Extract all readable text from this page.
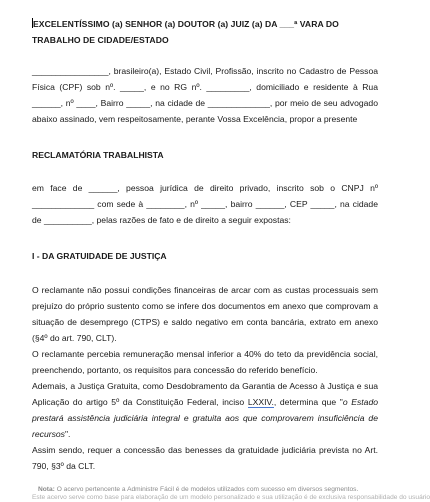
EXCELENTÍSSIMO (a) SENHOR (a) DOUTOR (a) JUIZ (a) DA ___ª VARA DO
TRABALHO DE CIDADE/ESTADO

________________, brasileiro(a), Estado Civil, Profissão, inscrito no Cadastro de Pessoa Física (CPF) sob nº. _____, e no RG nº. _________, domiciliado e residente à Rua ______, nº ____, Bairro _____, na cidade de _____________, por meio de seu advogado abaixo assinado, vem respeitosamente, perante Vossa Excelência, propor a presente

RECLAMATÓRIA TRABALHISTA

em face de ______, pessoa jurídica de direito privado, inscrito sob o CNPJ nº _____________ com sede à ________, nº _____, bairro ______, CEP _____, na cidade de __________, pelas razões de fato e de direito a seguir expostas:

I - DA GRATUIDADE DE JUSTIÇA

O reclamante não possui condições financeiras de arcar com as custas processuais sem prejuízo do próprio sustento como se infere dos documentos em anexo que comprovam a situação de desemprego (CTPS) e saldo negativo em conta bancária, extrato em anexo (§4º do art. 790, CLT).

O reclamante percebia remuneração mensal inferior a 40% do teto da previdência social, preenchendo, portanto, os requisitos para concessão do referido benefício.

Ademais, a Justiça Gratuita, como Desdobramento da Garantia de Acesso à Justiça e sua Aplicação do artigo 5º da Constituição Federal, inciso LXXIV., determina que "o Estado prestará assistência judiciária integral e gratuita aos que comprovarem insuficiência de recursos".

Assim sendo, requer a concessão das benesses da gratuidade judiciária prevista no Art. 790, §3º da CLT.

Nota: O acervo pertencente a Administre Fácil é de modelos utilizados com sucesso em diversos segmentos.
Este acervo serve como base para elaboração de um modelo personalizado e sua utilização é de exclusiva responsabilidade do usuário
